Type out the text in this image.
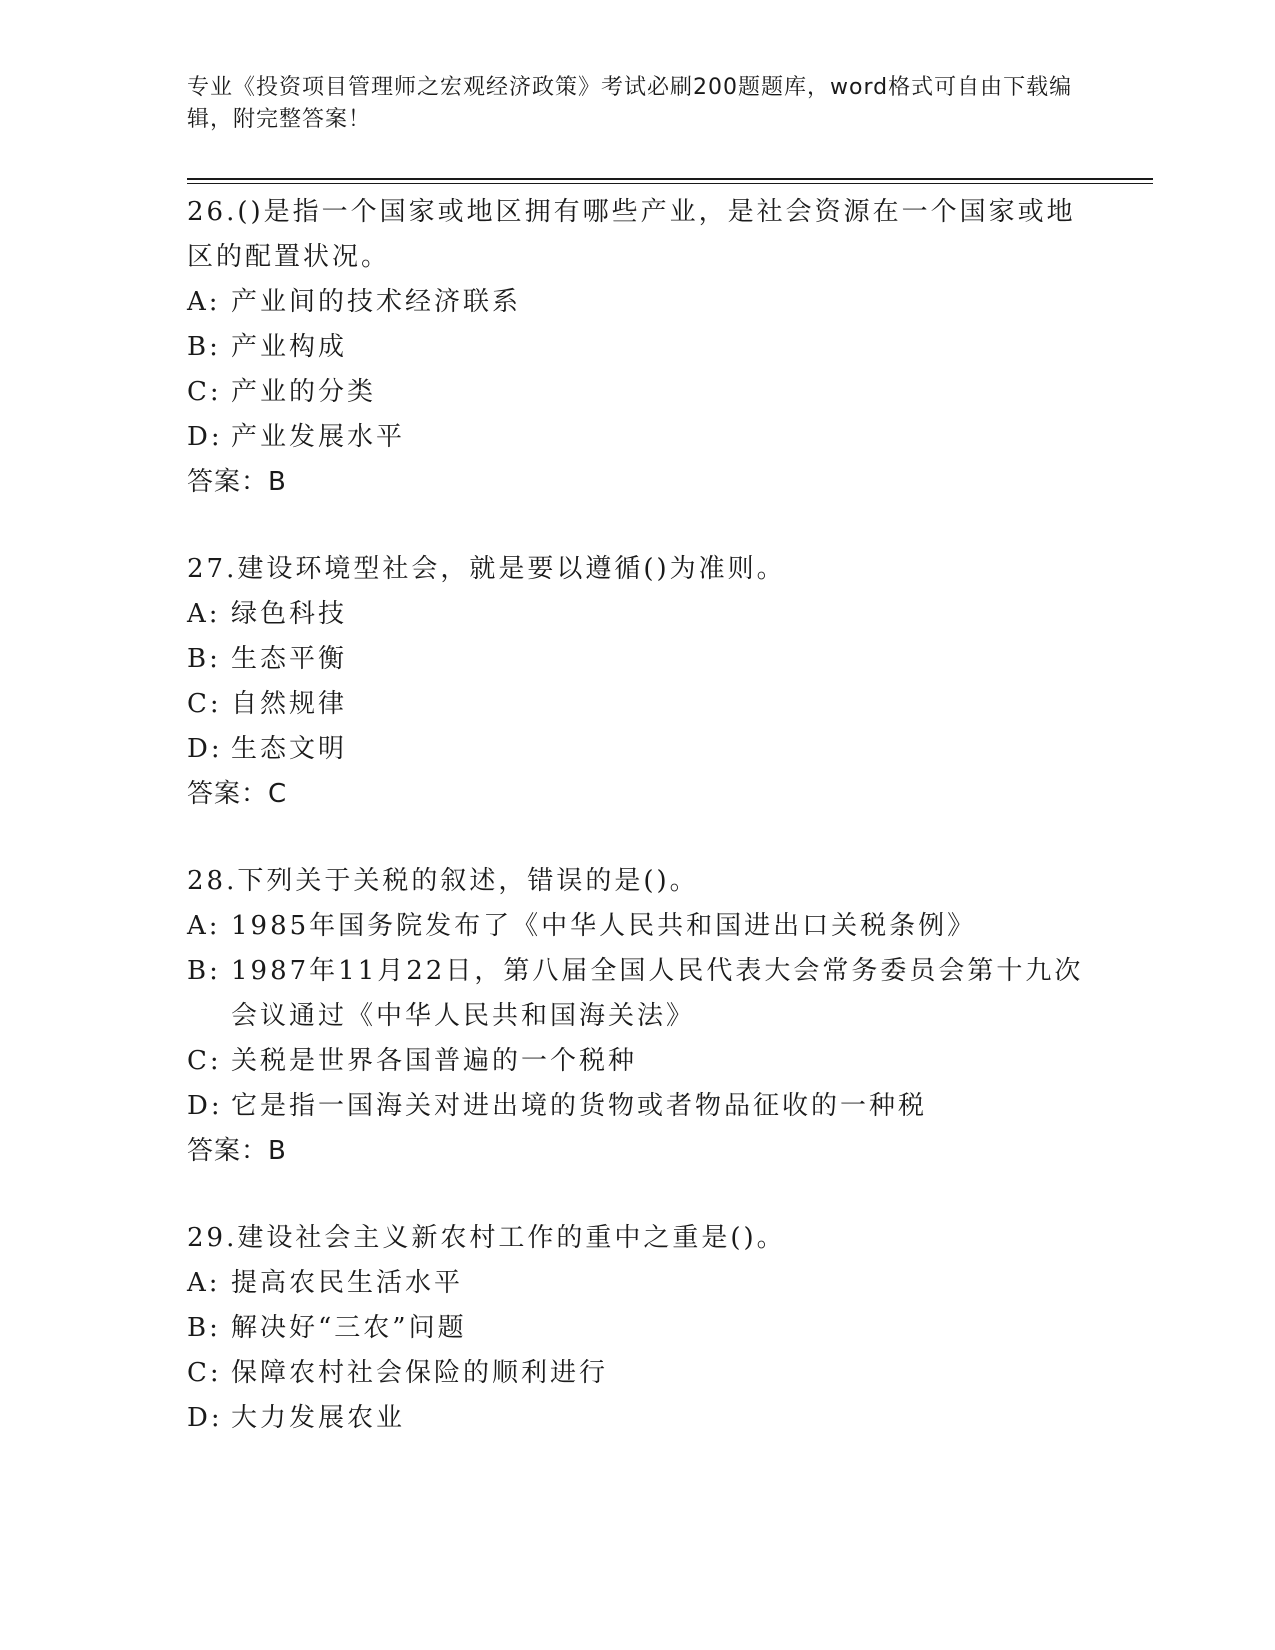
专业《投资项目管理师之宏观经济政策》考试必刷200题题库，word格式可自由下载编辑，附完整答案！

26.()是指一个国家或地区拥有哪些产业，是社会资源在一个国家或地区的配置状况。

A: 产业间的技术经济联系
B: 产业构成
C: 产业的分类
D: 产业发展水平
答案：B

27.建设环境型社会，就是要以遵循()为准则。

A: 绿色科技
B: 生态平衡
C: 自然规律
D: 生态文明
答案：C

28.下列关于关税的叙述，错误的是()。

A: 1985年国务院发布了《中华人民共和国进出口关税条例》
B: 1987年11月22日，第八届全国人民代表大会常务委员会第十九次会议通过《中华人民共和国海关法》
C: 关税是世界各国普遍的一个税种
D: 它是指一国海关对进出境的货物或者物品征收的一种税
答案：B

29.建设社会主义新农村工作的重中之重是()。

A: 提高农民生活水平
B: 解决好“三农”问题
C: 保障农村社会保险的顺利进行
D: 大力发展农业
